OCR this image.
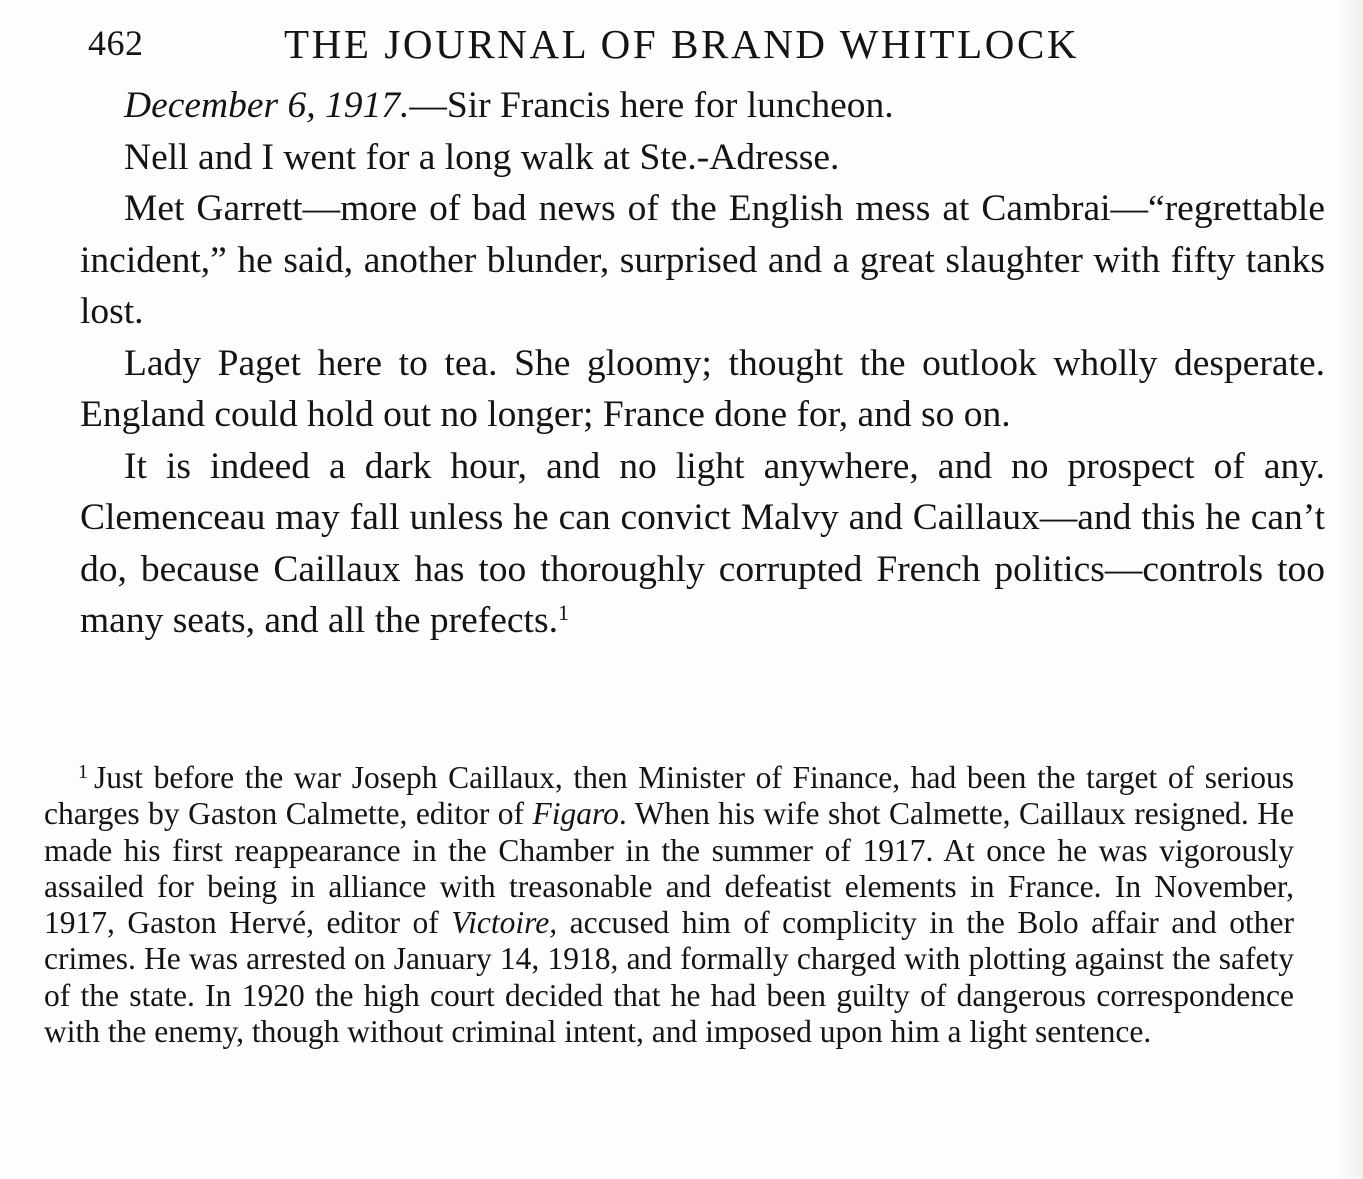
462	THE JOURNAL OF BRAND WHITLOCK

December 6, 1917.—Sir Francis here for luncheon.

Nell and I went for a long walk at Ste.-Adresse.

Met Garrett—more of bad news of the English mess at Cambrai—“regrettable incident,” he said, another blunder, surprised and a great slaughter with fifty tanks lost.

Lady Paget here to tea. She gloomy; thought the outlook wholly desperate. England could hold out no longer; France done for, and so on.

It is indeed a dark hour, and no light anywhere, and no prospect of any. Clemenceau may fall unless he can convict Malvy and Caillaux—and this he can’t do, because Caillaux has too thoroughly corrupted French politics—controls too many seats, and all the prefects.$^1$

$^1$ Just before the war Joseph Caillaux, then Minister of Finance, had been the target of serious charges by Gaston Calmette, editor of Figaro. When his wife shot Calmette, Caillaux resigned. He made his first reappearance in the Chamber in the summer of 1917. At once he was vigorously assailed for being in alliance with treasonable and defeatist elements in France. In November, 1917, Gaston Hervé, editor of Victoire, accused him of complicity in the Bolo affair and other crimes. He was arrested on January 14, 1918, and formally charged with plotting against the safety of the state. In 1920 the high court decided that he had been guilty of dangerous correspondence with the enemy, though without criminal intent, and imposed upon him a light sentence.
